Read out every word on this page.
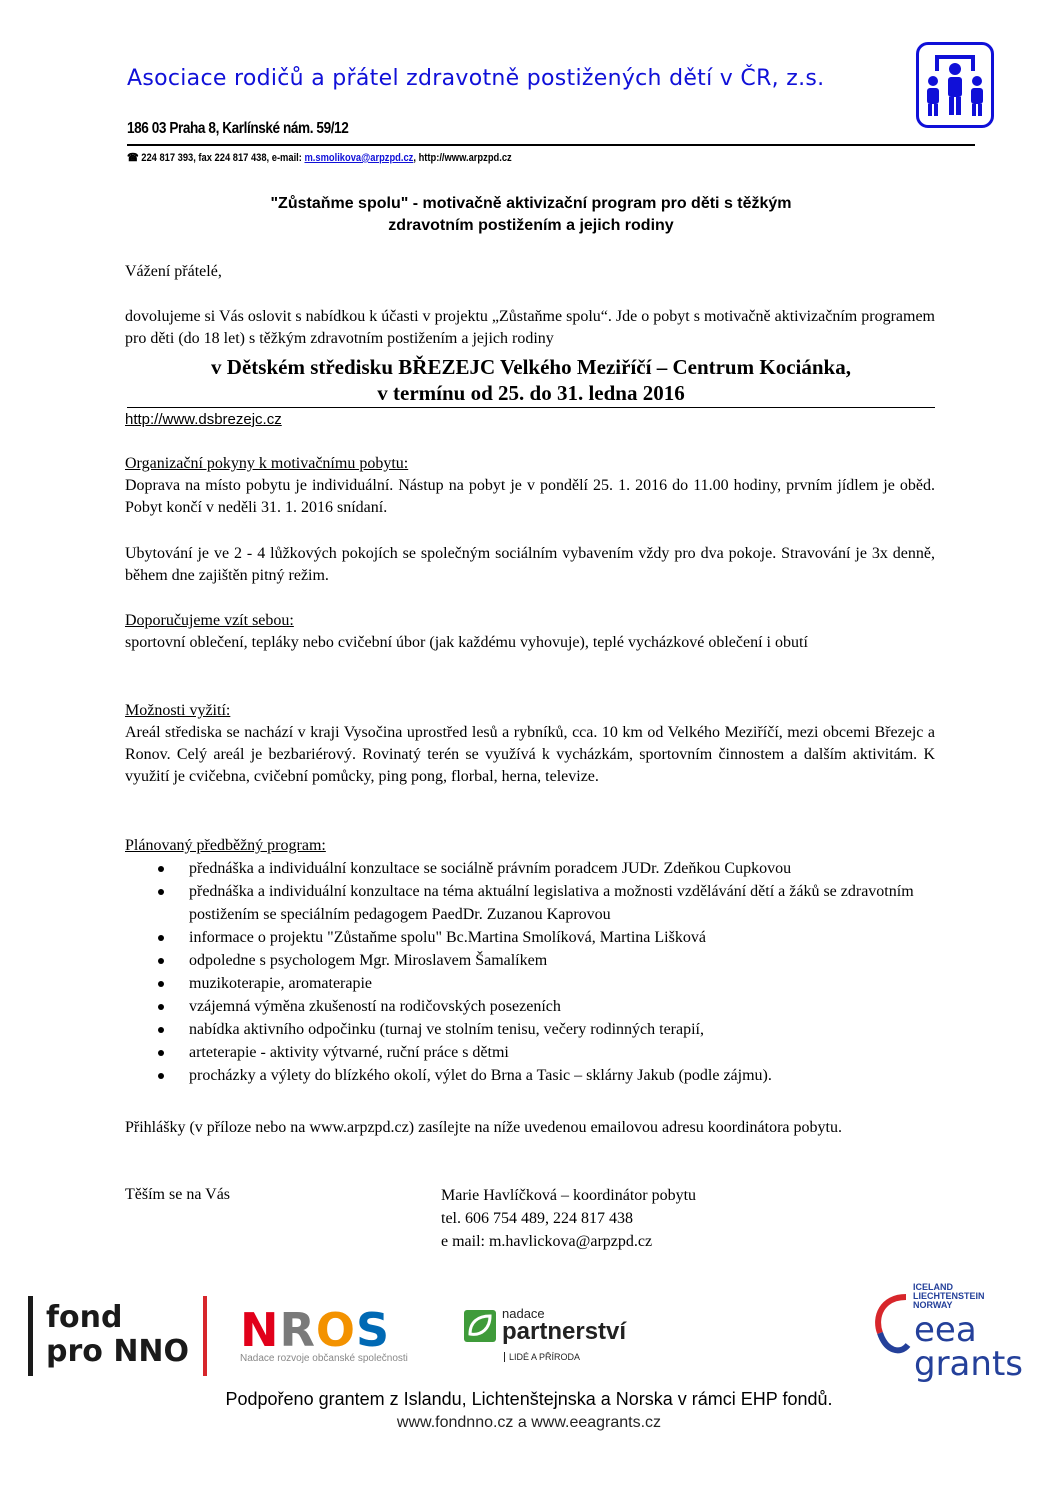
Asociace rodičů a přátel zdravotně postižených dětí v ČR, z.s.
186 03 Praha 8, Karlínské nám. 59/12
☎ 224 817 393, fax 224 817 438, e-mail: m.smolikova@arpzpd.cz, http://www.arpzpd.cz
"Zůstaňme spolu" - motivačně aktivizační program pro děti s těžkým
zdravotním postižením a jejich rodiny
Vážení přátelé,
dovolujeme si Vás oslovit s nabídkou k účasti v projektu „Zůstaňme spolu“. Jde o pobyt s motivačně aktivizačním programem pro děti (do 18 let) s těžkým zdravotním postižením a jejich rodiny
v Dětském středisku BŘEZEJC Velkého Meziříčí – Centrum Kociánka,
v termínu od 25. do 31. ledna 2016
http://www.dsbrezejc.cz
Organizační pokyny k motivačnímu pobytu:
Doprava na místo pobytu je individuální. Nástup na pobyt je v pondělí 25. 1. 2016 do 11.00 hodiny, prvním jídlem je oběd. Pobyt končí v neděli 31. 1. 2016 snídaní.
Ubytování je ve 2 - 4 lůžkových pokojích se společným sociálním vybavením vždy pro dva pokoje. Stravování je 3x denně, během dne zajištěn pitný režim.
Doporučujeme vzít sebou:
sportovní oblečení, tepláky nebo cvičební úbor (jak každému vyhovuje), teplé vycházkové oblečení i obutí
Možnosti vyžití:
Areál střediska se nachází v kraji Vysočina uprostřed lesů a rybníků, cca. 10 km od Velkého Meziříčí, mezi obcemi Březejc a Ronov. Celý areál je bezbariérový. Rovinatý terén se využívá k vycházkám, sportovním činnostem a dalším aktivitám. K využití je cvičebna, cvičební pomůcky, ping pong, florbal, herna, televize.
Plánovaný předběžný program:
přednáška a individuální konzultace se sociálně právním poradcem JUDr. Zdeňkou Cupkovou
přednáška a individuální konzultace na téma aktuální legislativa a možnosti vzdělávání dětí a žáků se zdravotním postižením se speciálním pedagogem PaedDr. Zuzanou Kaprovou
informace o projektu "Zůstaňme spolu" Bc.Martina Smolíková, Martina Lišková
odpoledne s psychologem Mgr. Miroslavem Šamalíkem
muzikoterapie, aromaterapie
vzájemná výměna zkušeností na rodičovských posezeních
nabídka aktivního odpočinku (turnaj ve stolním tenisu, večery rodinných terapií,
arteterapie - aktivity výtvarné, ruční práce s dětmi
procházky a výlety do blízkého okolí, výlet do Brna a Tasic – sklárny Jakub (podle zájmu).
Přihlášky (v příloze nebo na www.arpzpd.cz) zasílejte na níže uvedenou emailovou adresu koordinátora pobytu.
Těším se na Vás	Marie Havlíčková – koordinátor pobytu
tel. 606 754 489, 224 817 438
e mail: m.havlickova@arpzpd.cz
fond
pro NNO NROS
Nadace rozvoje občanské společnosti
nadace
partnerství
LIDÉ A PŘÍRODA
ICELAND
LIECHTENSTEIN
NORWAY
eea
grants
Podpořeno grantem z Islandu, Lichtenštejnska a Norska v rámci EHP fondů.
www.fondnno.cz a www.eeagrants.cz
